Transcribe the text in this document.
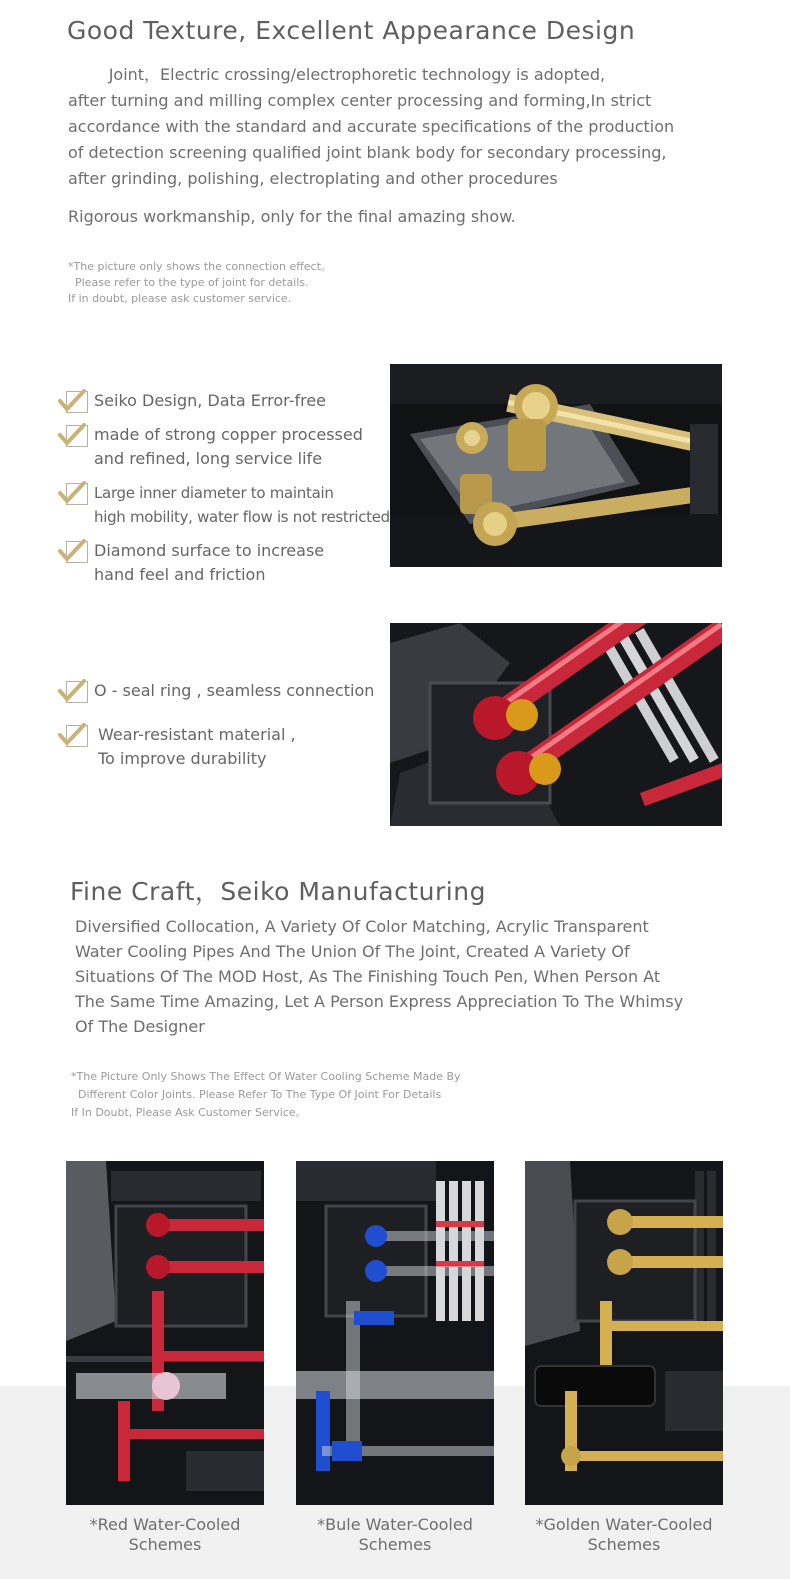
Good Texture, Excellent Appearance Design
Joint，Electric crossing/electrophoretic technology is adopted,
after turning and milling complex center processing and forming,In strict
accordance with the standard and accurate specifications of the production
of detection screening qualified joint blank body for secondary processing,
after grinding, polishing, electroplating and other procedures
Rigorous workmanship, only for the final amazing show.
*The picture only shows the connection effect。
Please refer to the type of joint for details.
If in doubt, please ask customer service.
Seiko Design, Data Error-free
made of strong copper processed
and refined, long service life
Large inner diameter to maintain
high mobility, water flow is not restricted
Diamond surface to increase
hand feel and friction
O - seal ring , seamless connection
Wear-resistant material ,
To improve durability
Fine Craft，Seiko Manufacturing
Diversified Collocation, A Variety Of Color Matching, Acrylic Transparent
Water Cooling Pipes And The Union Of The Joint, Created A Variety Of
Situations Of The MOD Host, As The Finishing Touch Pen, When Person At
The Same Time Amazing, Let A Person Express Appreciation To The Whimsy
Of The Designer
*The Picture Only Shows The Effect Of Water Cooling Scheme Made By
Different Color Joints. Please Refer To The Type Of Joint For Details
If In Doubt, Please Ask Customer Service。
*Red Water-Cooled
Schemes
*Bule Water-Cooled
Schemes
*Golden Water-Cooled
Schemes
